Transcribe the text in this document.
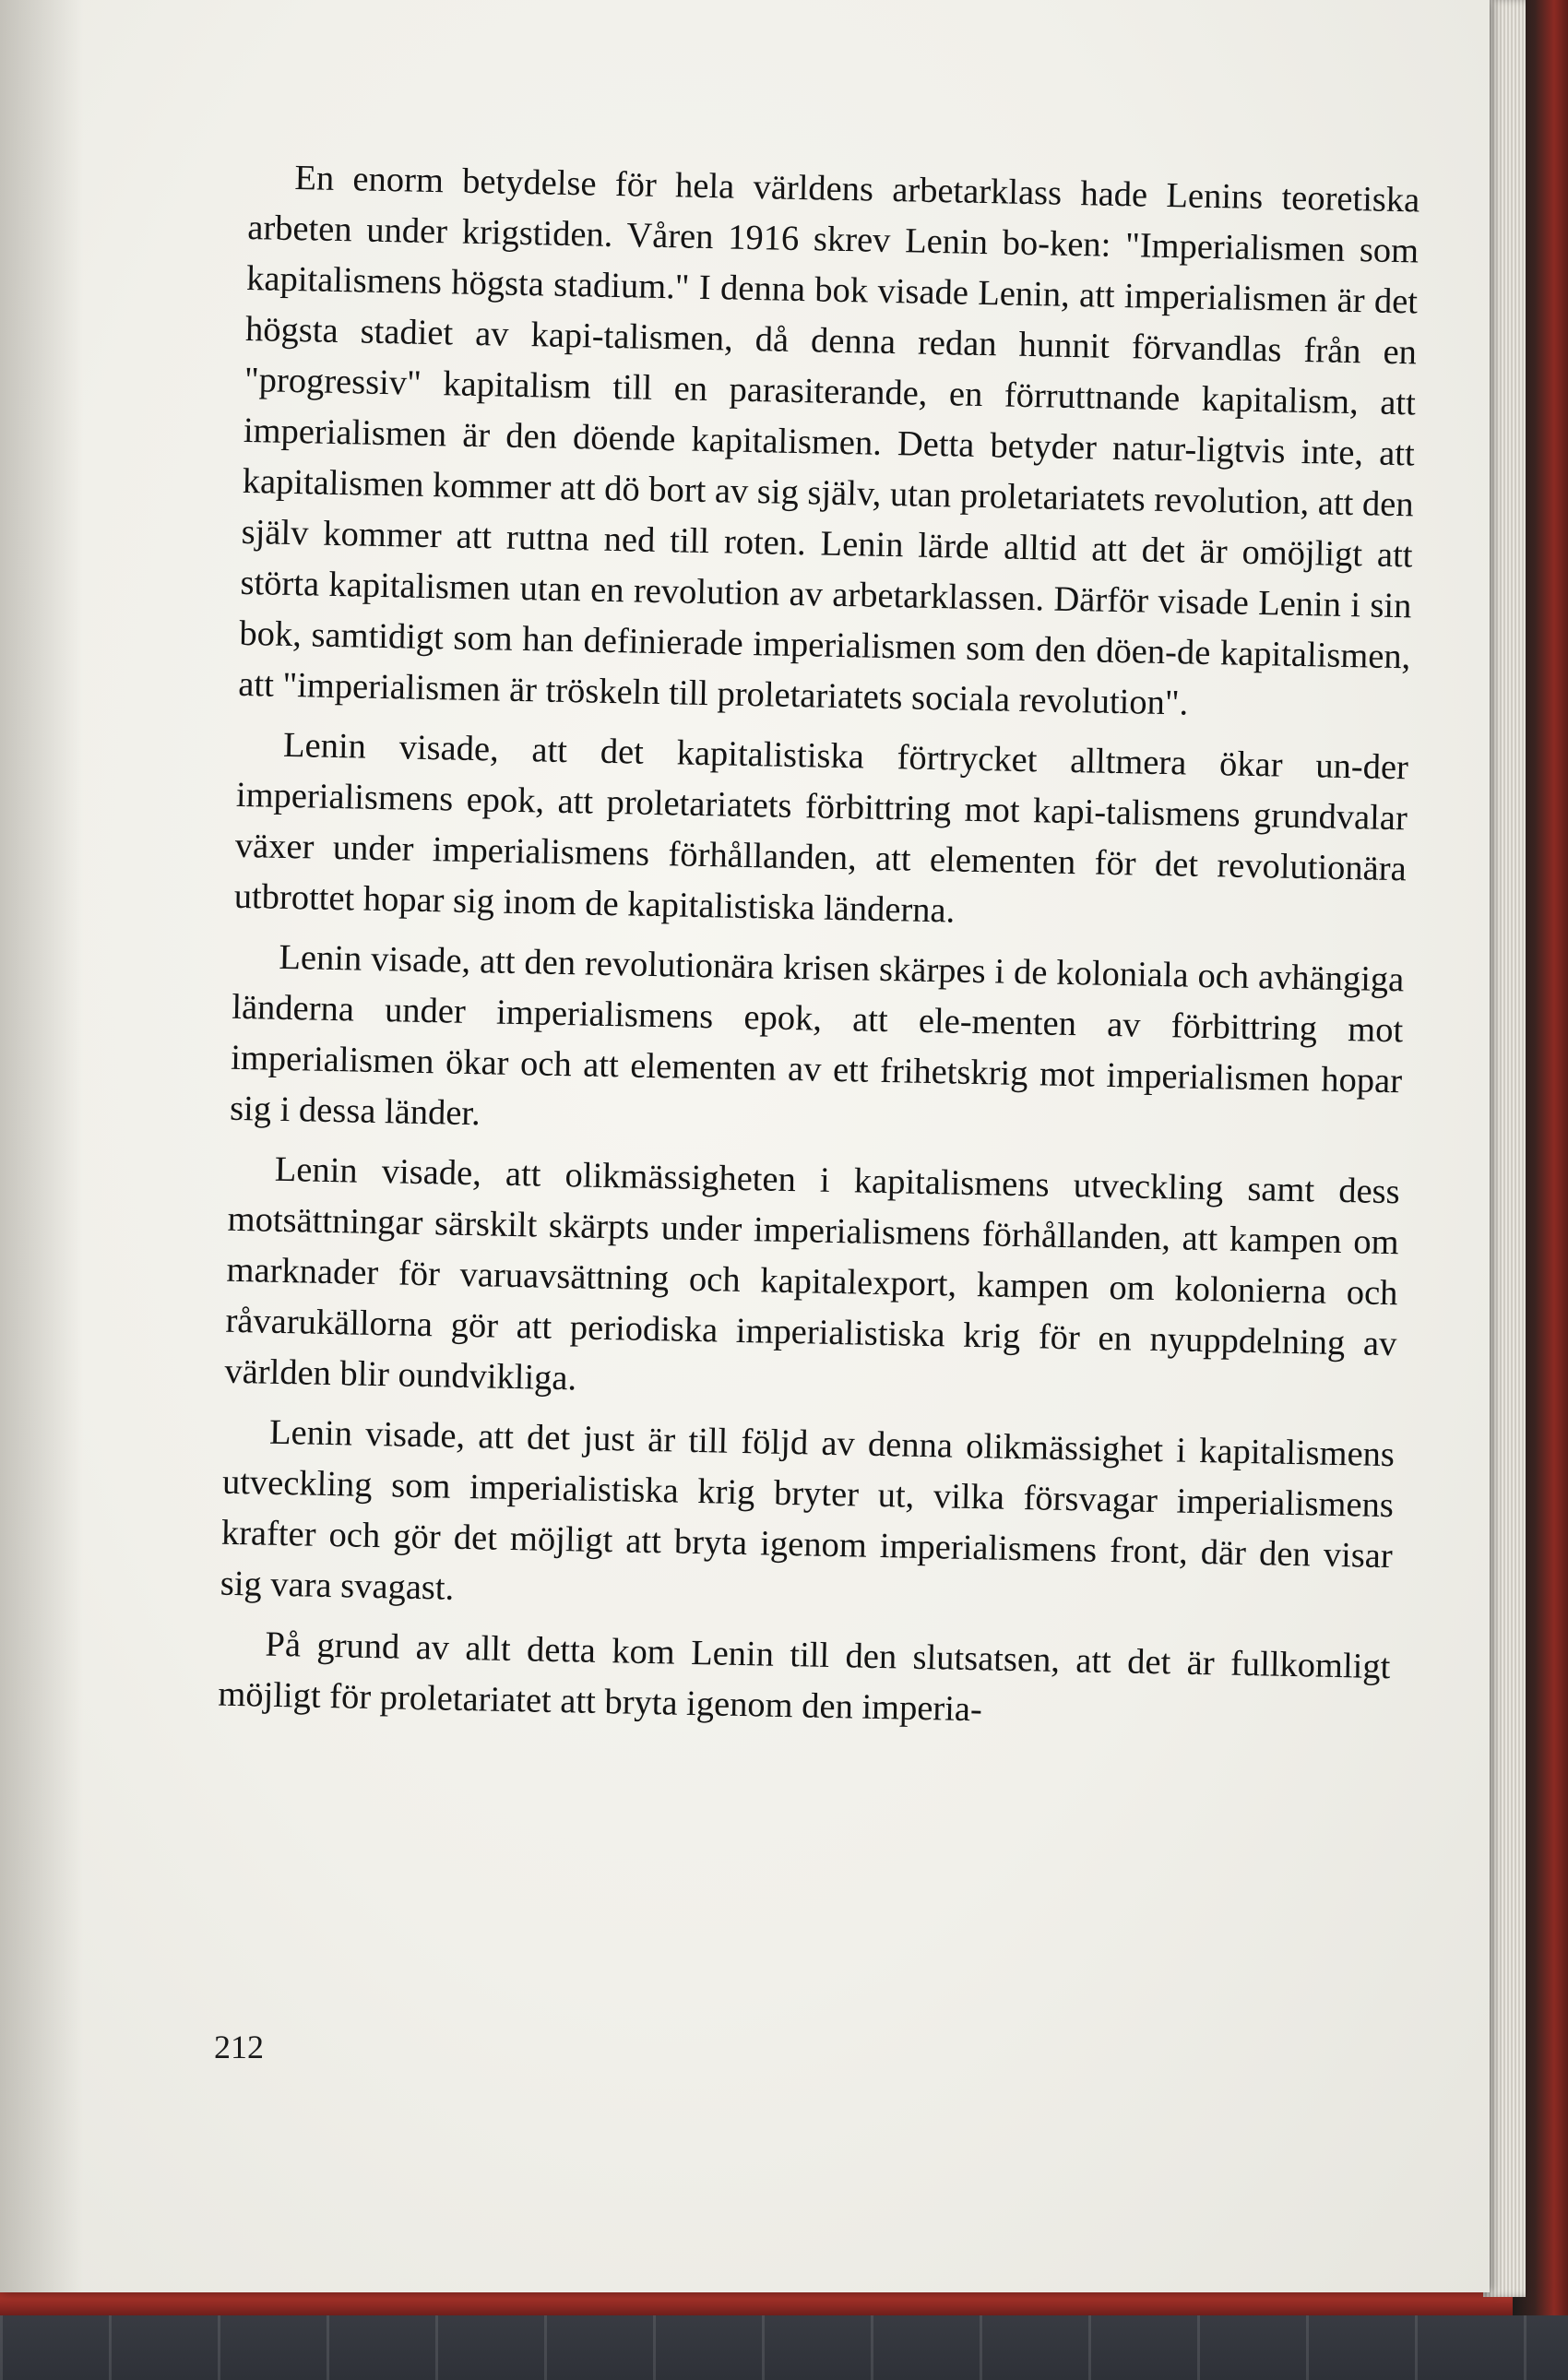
En enorm betydelse för hela världens arbetarklass hade Lenins teoretiska arbeten under krigstiden. Våren 1916 skrev Lenin bo-ken: "Imperialismen som kapitalismens högsta stadium." I denna bok visade Lenin, att imperialismen är det högsta stadiet av kapi-talismen, då denna redan hunnit förvandlas från en "progressiv" kapitalism till en parasiterande, en förruttnande kapitalism, att imperialismen är den döende kapitalismen. Detta betyder natur-ligtvis inte, att kapitalismen kommer att dö bort av sig själv, utan proletariatets revolution, att den själv kommer att ruttna ned till roten. Lenin lärde alltid att det är omöjligt att störta kapitalismen utan en revolution av arbetarklassen. Därför visade Lenin i sin bok, samtidigt som han definierade imperialismen som den döen-de kapitalismen, att "imperialismen är tröskeln till proletariatets sociala revolution".

Lenin visade, att det kapitalistiska förtrycket alltmera ökar un-der imperialismens epok, att proletariatets förbittring mot kapi-talismens grundvalar växer under imperialismens förhållanden, att elementen för det revolutionära utbrottet hopar sig inom de kapitalistiska länderna.

Lenin visade, att den revolutionära krisen skärpes i de koloniala och avhängiga länderna under imperialismens epok, att ele-menten av förbittring mot imperialismen ökar och att elementen av ett frihetskrig mot imperialismen hopar sig i dessa länder.

Lenin visade, att olikmässigheten i kapitalismens utveckling samt dess motsättningar särskilt skärpts under imperialismens förhållanden, att kampen om marknader för varuavsättning och kapitalexport, kampen om kolonierna och råvarukällorna gör att periodiska imperialistiska krig för en nyuppdelning av världen blir oundvikliga.

Lenin visade, att det just är till följd av denna olikmässighet i kapitalismens utveckling som imperialistiska krig bryter ut, vilka försvagar imperialismens krafter och gör det möjligt att bryta igenom imperialismens front, där den visar sig vara svagast.

På grund av allt detta kom Lenin till den slutsatsen, att det är fullkomligt möjligt för proletariatet att bryta igenom den imperia-

212
